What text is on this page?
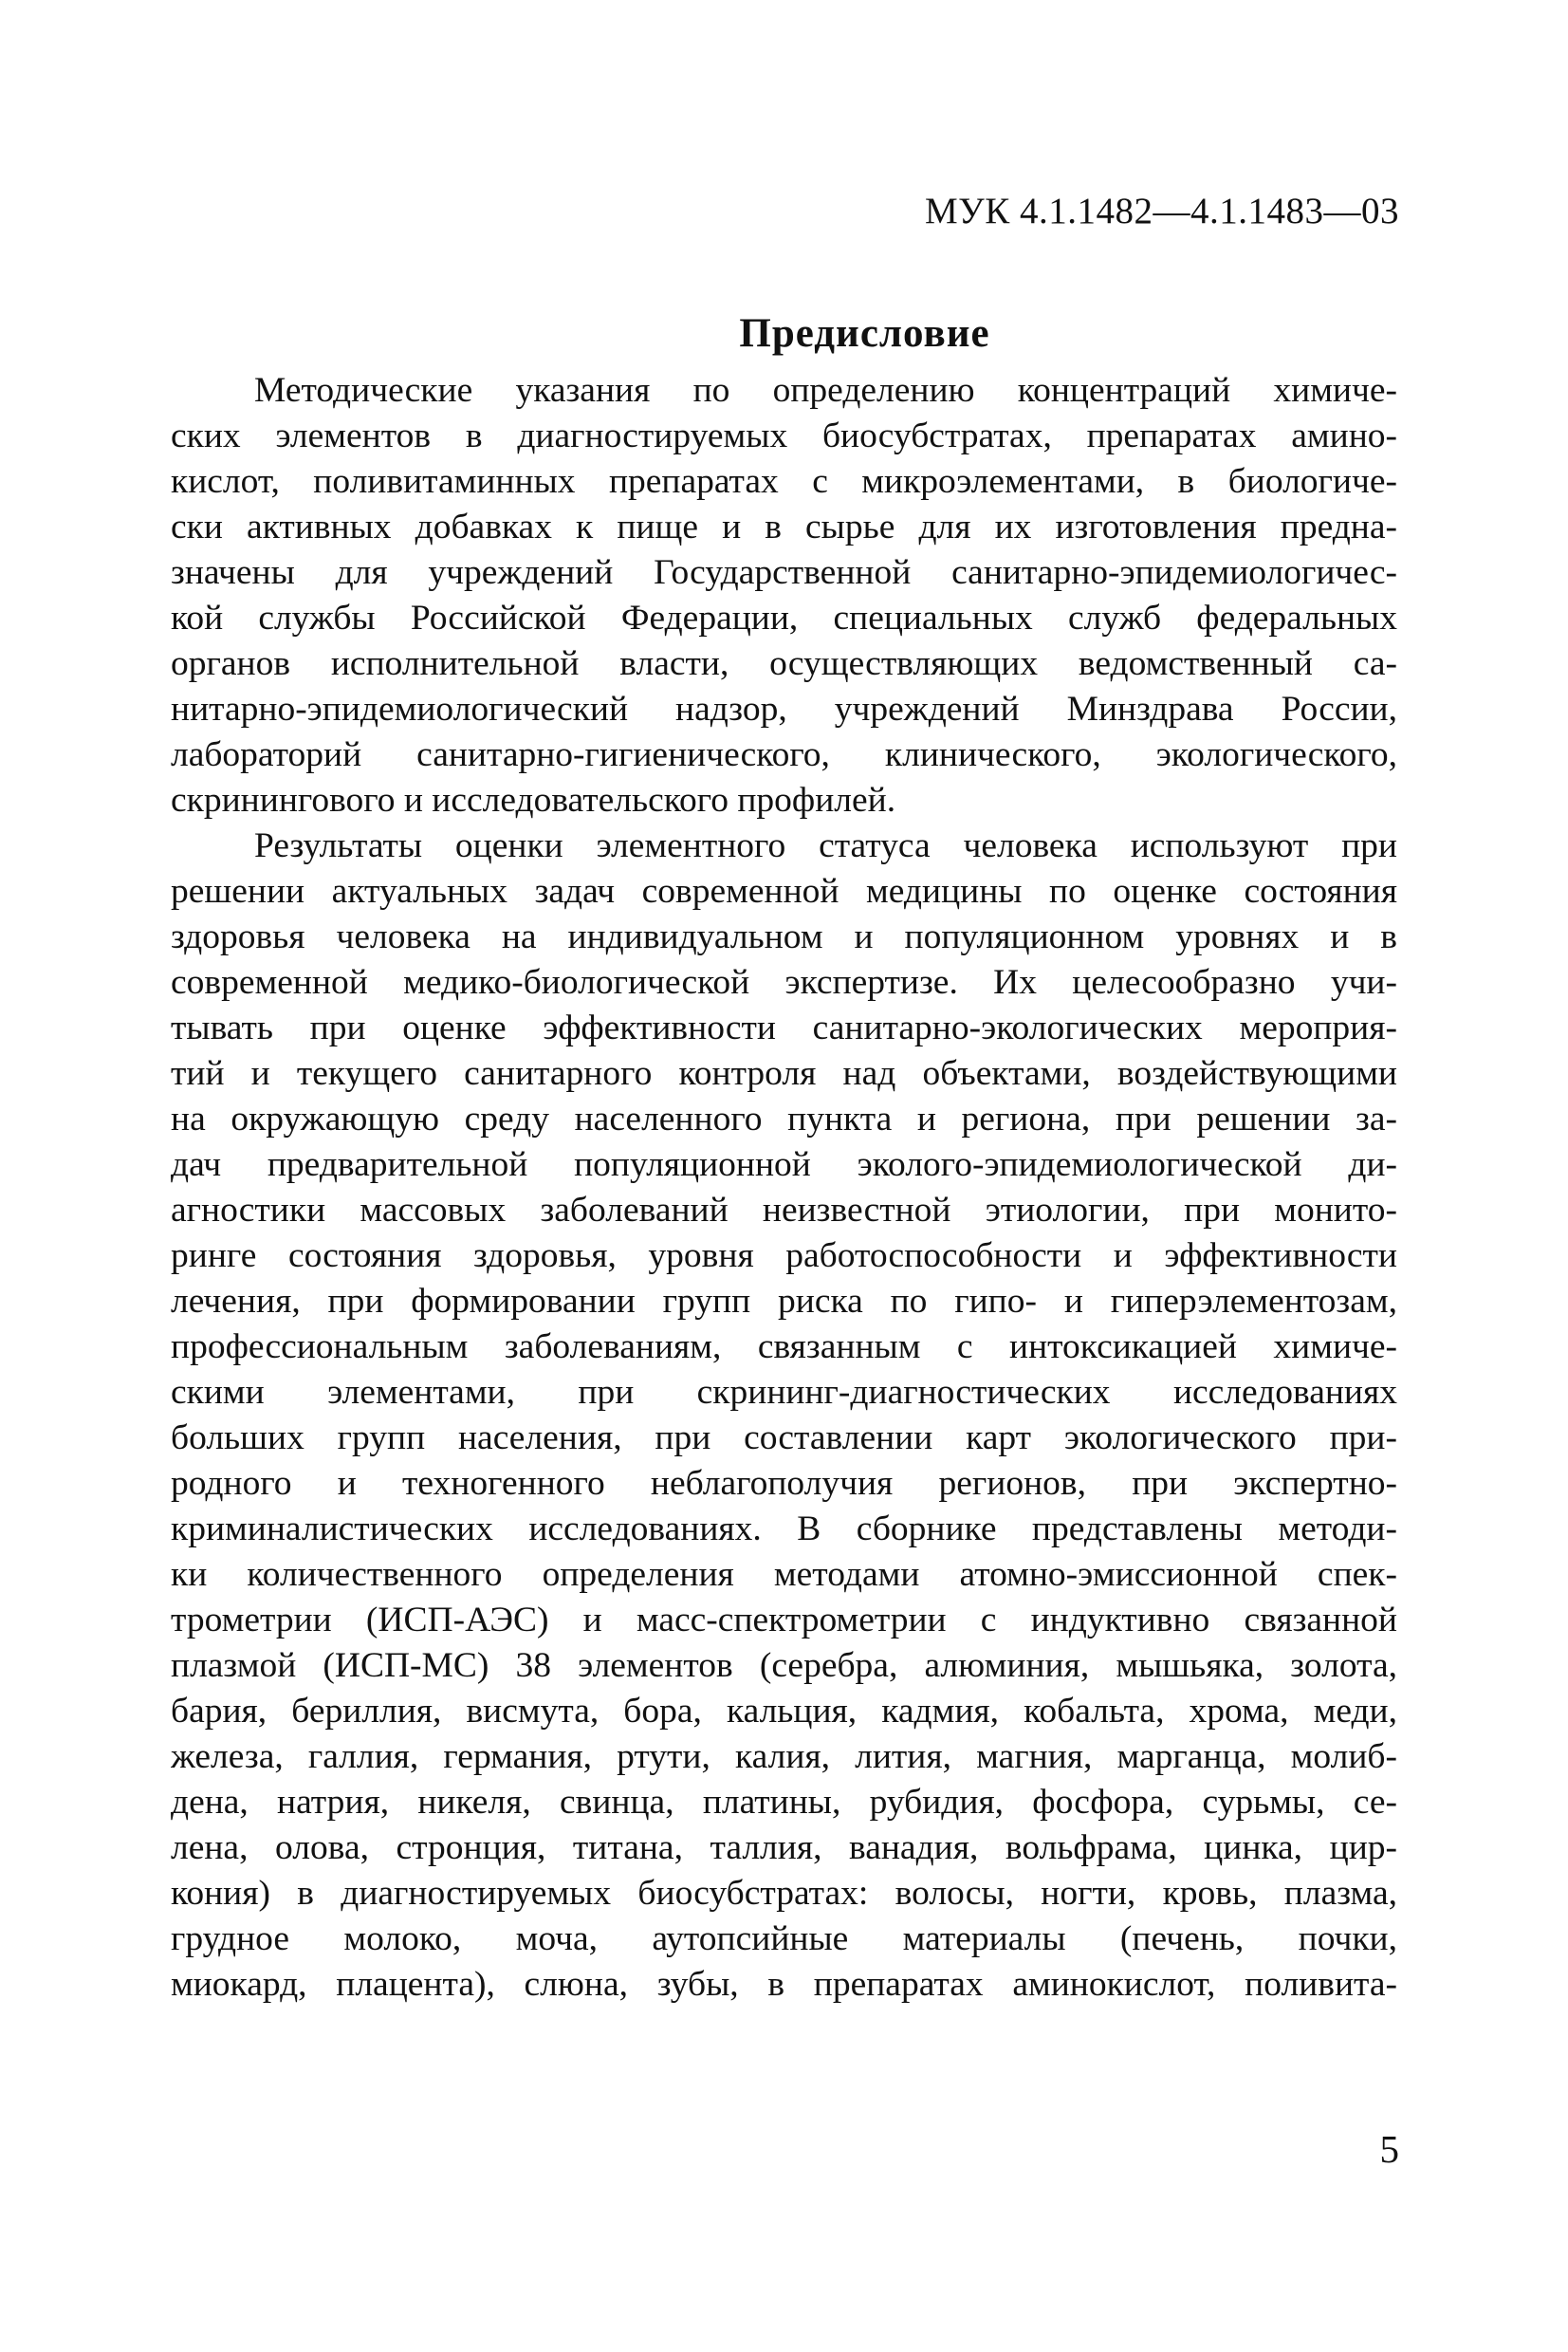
МУК 4.1.1482—4.1.1483—03
Предисловие
Методические указания по определению концентраций химиче-
ских элементов в диагностируемых биосубстратах, препаратах амино-
кислот, поливитаминных препаратах с микроэлементами, в биологиче-
ски активных добавках к пище и в сырье для их изготовления предна-
значены для учреждений Государственной санитарно-эпидемиологичес-
кой службы Российской Федерации, специальных служб федеральных
органов исполнительной власти, осуществляющих ведомственный са-
нитарно-эпидемиологический надзор, учреждений Минздрава России,
лабораторий санитарно-гигиенического, клинического, экологического,
скринингового и исследовательского профилей.
Результаты оценки элементного статуса человека используют при
решении актуальных задач современной медицины по оценке состояния
здоровья человека на индивидуальном и популяционном уровнях и в
современной медико-биологической экспертизе. Их целесообразно учи-
тывать при оценке эффективности санитарно-экологических мероприя-
тий и текущего санитарного контроля над объектами, воздействующими
на окружающую среду населенного пункта и региона, при решении за-
дач предварительной популяционной эколого-эпидемиологической ди-
агностики массовых заболеваний неизвестной этиологии, при монито-
ринге состояния здоровья, уровня работоспособности и эффективности
лечения, при формировании групп риска по гипо- и гиперэлементозам,
профессиональным заболеваниям, связанным с интоксикацией химиче-
скими элементами, при скрининг-диагностических исследованиях
больших групп населения, при составлении карт экологического при-
родного и техногенного неблагополучия регионов, при экспертно-
криминалистических исследованиях. В сборнике представлены методи-
ки количественного определения методами атомно-эмиссионной спек-
трометрии (ИСП-АЭС) и масс-спектрометрии с индуктивно связанной
плазмой (ИСП-МС) 38 элементов (серебра, алюминия, мышьяка, золота,
бария, бериллия, висмута, бора, кальция, кадмия, кобальта, хрома, меди,
железа, галлия, германия, ртути, калия, лития, магния, марганца, молиб-
дена, натрия, никеля, свинца, платины, рубидия, фосфора, сурьмы, се-
лена, олова, стронция, титана, таллия, ванадия, вольфрама, цинка, цир-
кония) в диагностируемых биосубстратах: волосы, ногти, кровь, плазма,
грудное молоко, моча, аутопсийные материалы (печень, почки,
миокард, плацента), слюна, зубы, в препаратах аминокислот, поливита-
5
